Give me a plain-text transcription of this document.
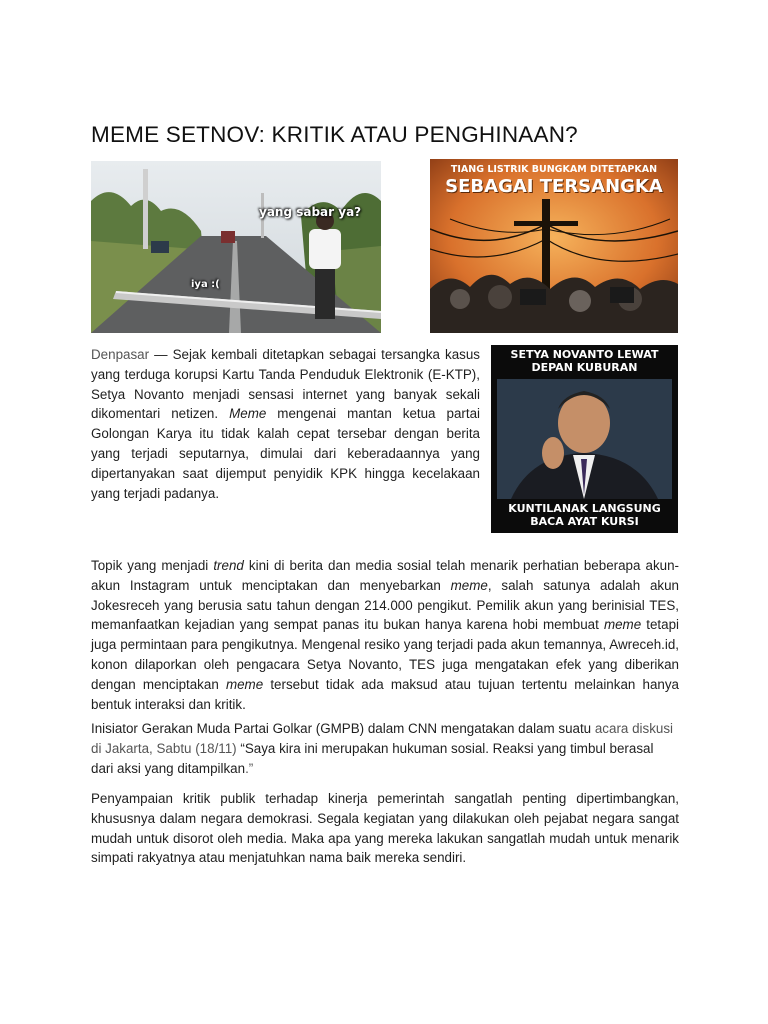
MEME SETNOV: KRITIK ATAU PENGHINAAN?
yang sabar ya?
iya :(
TIANG LISTRIK BUNGKAM DITETAPKAN
SEBAGAI TERSANGKA
SETYA NOVANTO LEWAT
DEPAN KUBURAN
KUNTILANAK LANGSUNG
BACA AYAT KURSI

Denpasar — Sejak kembali ditetapkan sebagai tersangka kasus yang terduga korupsi Kartu Tanda Penduduk Elektronik (E-KTP), Setya Novanto menjadi sensasi internet yang banyak sekali dikomentari netizen. Meme mengenai mantan ketua partai Golongan Karya itu tidak kalah cepat tersebar dengan berita yang terjadi seputarnya, dimulai dari keberadaannya yang dipertanyakan saat dijemput penyidik KPK hingga kecelakaan yang terjadi padanya.

Topik yang menjadi trend kini di berita dan media sosial telah menarik perhatian beberapa akun-akun Instagram untuk menciptakan dan menyebarkan meme, salah satunya adalah akun Jokesreceh yang berusia satu tahun dengan 214.000 pengikut. Pemilik akun yang berinisial TES, memanfaatkan kejadian yang sempat panas itu bukan hanya karena hobi membuat meme tetapi juga permintaan para pengikutnya. Mengenal resiko yang terjadi pada akun temannya, Awreceh.id, konon dilaporkan oleh pengacara Setya Novanto, TES juga mengatakan efek yang diberikan dengan menciptakan meme tersebut tidak ada maksud atau tujuan tertentu melainkan hanya bentuk interaksi dan kritik.

Inisiator Gerakan Muda Partai Golkar (GMPB) dalam CNN mengatakan dalam suatu acara diskusi di Jakarta, Sabtu (18/11) “Saya kira ini merupakan hukuman sosial. Reaksi yang timbul berasal dari aksi yang ditampilkan.”

Penyampaian kritik publik terhadap kinerja pemerintah sangatlah penting dipertimbangkan, khususnya dalam negara demokrasi. Segala kegiatan yang dilakukan oleh pejabat negara sangat mudah untuk disorot oleh media. Maka apa yang mereka lakukan sangatlah mudah untuk menarik simpati rakyatnya atau menjatuhkan nama baik mereka sendiri.
